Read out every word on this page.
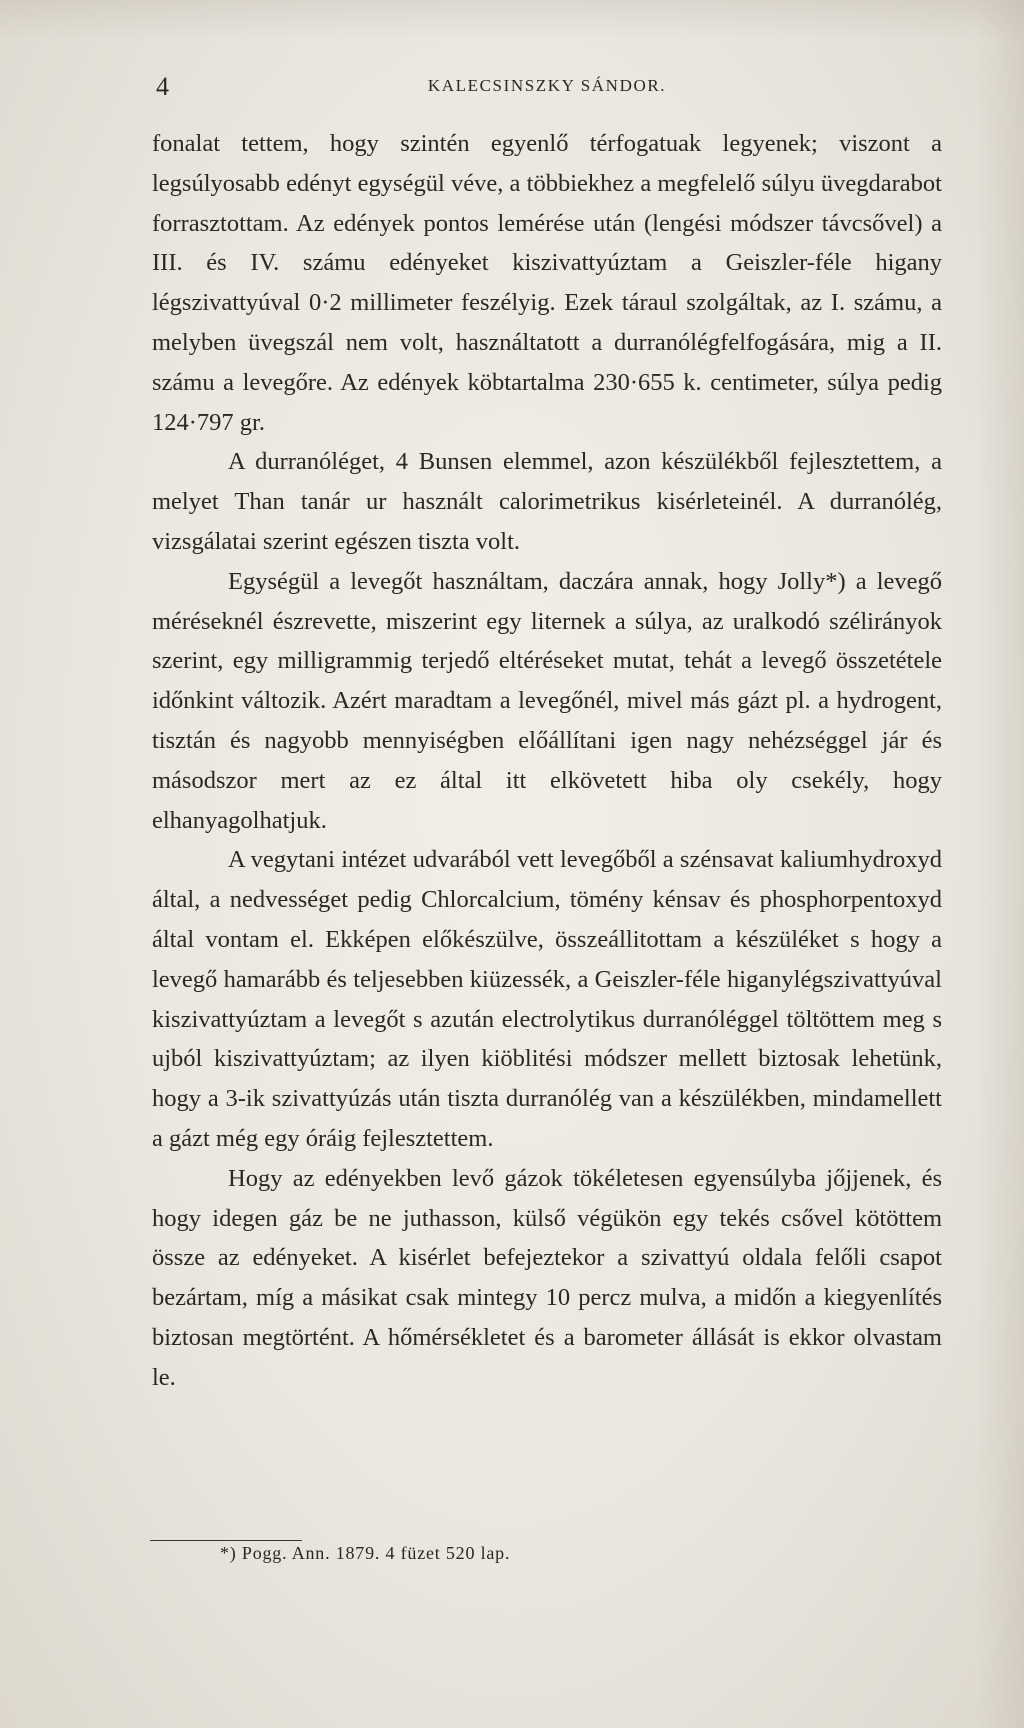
4	KALECSINSZKY SÁNDOR.

fonalat tettem, hogy szintén egyenlő térfogatuak legyenek; viszont a legsúlyosabb edényt egységül véve, a többiekhez a megfelelő súlyu üvegdarabot forrasztottam. Az edények pontos lemérése után (lengési módszer távcsővel) a III. és IV. számu edényeket kiszivattyúztam a Geiszler-féle higany légszivattyúval 0·2 millimeter feszélyig. Ezek táraul szolgáltak, az I. számu, a melyben üvegszál nem volt, használtatott a durranólégfelfogására, mig a II. számu a levegőre. Az edények köbtartalma 230·655 k. centimeter, súlya pedig 124·797 gr.

A durranóléget, 4 Bunsen elemmel, azon készülékből fejlesztettem, a melyet Than tanár ur használt calorimetrikus kisérleteinél. A durranólég, vizsgálatai szerint egészen tiszta volt.

Egységül a levegőt használtam, daczára annak, hogy Jolly*) a levegő méréseknél észrevette, miszerint egy liternek a súlya, az uralkodó szélirányok szerint, egy milligrammig terjedő eltéréseket mutat, tehát a levegő összetétele időnkint változik. Azért maradtam a levegőnél, mivel más gázt pl. a hydrogent, tisztán és nagyobb mennyiségben előállítani igen nagy nehézséggel jár és másodszor mert az ez által itt elkövetett hiba oly csekély, hogy elhanyagolhatjuk.

A vegytani intézet udvarából vett levegőből a szénsavat kaliumhydroxyd által, a nedvességet pedig Chlorcalcium, tömény kénsav és phosphorpentoxyd által vontam el. Ekképen előkészülve, összeállitottam a készüléket s hogy a levegő hamarább és teljesebben kiüzessék, a Geiszler-féle higanylégszivattyúval kiszivattyúztam a levegőt s azután electrolytikus durranóléggel töltöttem meg s ujból kiszivattyúztam; az ilyen kiöblitési módszer mellett biztosak lehetünk, hogy a 3-ik szivattyúzás után tiszta durranólég van a készülékben, mindamellett a gázt még egy óráig fejlesztettem.

Hogy az edényekben levő gázok tökéletesen egyensúlyba jőjjenek, és hogy idegen gáz be ne juthasson, külső végükön egy tekés csővel kötöttem össze az edényeket. A kisérlet befejeztekor a szivattyú oldala felőli csapot bezártam, míg a másikat csak mintegy 10 percz mulva, a midőn a kiegyenlítés biztosan megtörtént. A hőmérsékletet és a barometer állását is ekkor olvastam le.

*) Pogg. Ann. 1879. 4 füzet 520 lap.
